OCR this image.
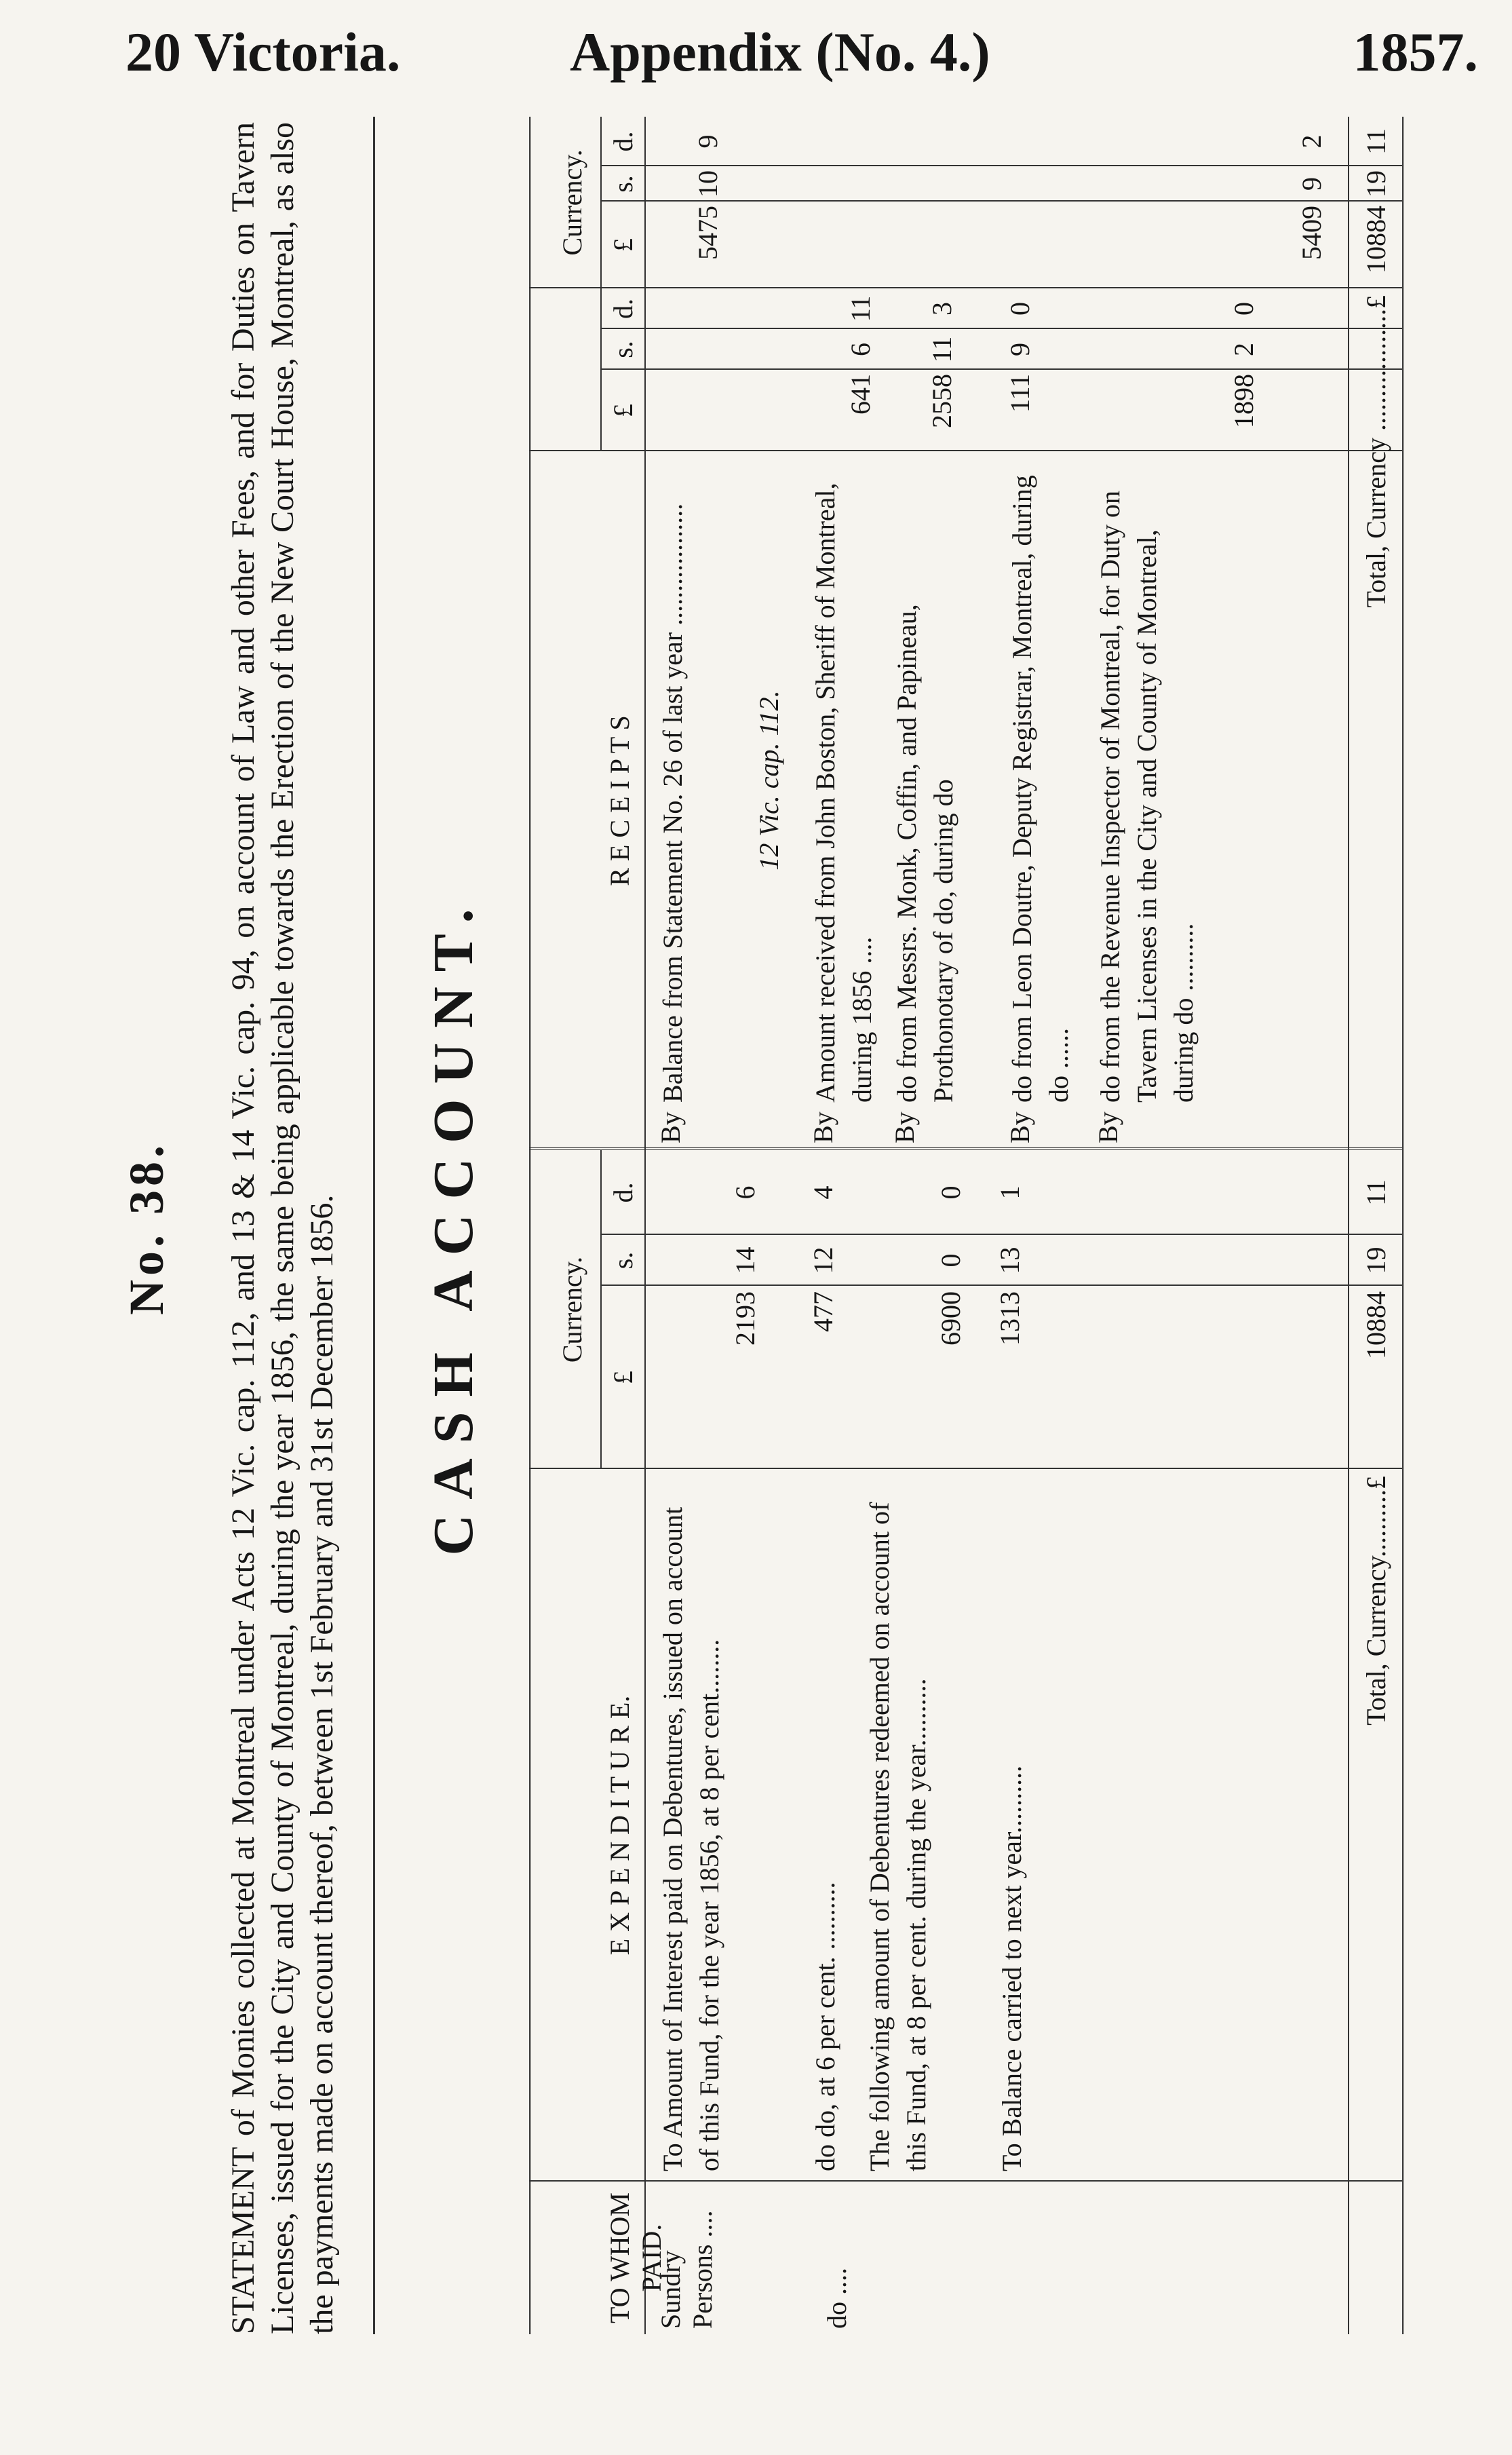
20 Victoria.	Appendix (No. 4.)	1857.
No. 38. STATEMENT of Monies collected at Montreal under Acts 12 Vic. cap. 112, and 13 & 14 Vic. cap. 94, on account of Law and other Fees, and for Duties on Tavern Licenses, issued for the City and County of Montreal, during the year 1856, the same being applicable towards the Erection of the New Court House, Montreal, as also the payments made on account thereof, between 1st February and 31st December 1856. CASH ACCOUNT.
TO WHOM PAID.
E X P E N D I T U R E.
Currency.
£
s.
d.
R E C E I P T S
£
s.
d.
Currency. £
s.
d.
Sundry Persons ....
To Amount of Interest paid on Debentures, issued on account of this Fund, for the year 1856, at 8 per cent........
2193
14
6
do ....
do do, at 6 per cent. ..........
477
12
4
The following amount of Debentures redeemed on account of this Fund, at 8 per cent. during the year..........
6900
0
0
To Balance carried to next year..........
1313
13
1
Total, Currency..........£
10884
19
11
By
Balance from Statement No. 26 of last year ..................
5475
10
9
12 Vic. cap. 112.
By
Amount received from John Boston, Sheriff of Montreal, during 1856 ....
641
6
11
By
do from Messrs. Monk, Coffin, and Papineau, Prothonotary of do, during do
2558
11
3
By
do from Leon Doutre, Deputy Registrar, Montreal, during do ......
111
9
0
By
do from the Revenue Inspector of Montreal, for Duty on Tavern Licenses in the City and County of Montreal, during do ..........
1898
2
0
5409
9
2
Total, Currency ..................£
10884
19
11
